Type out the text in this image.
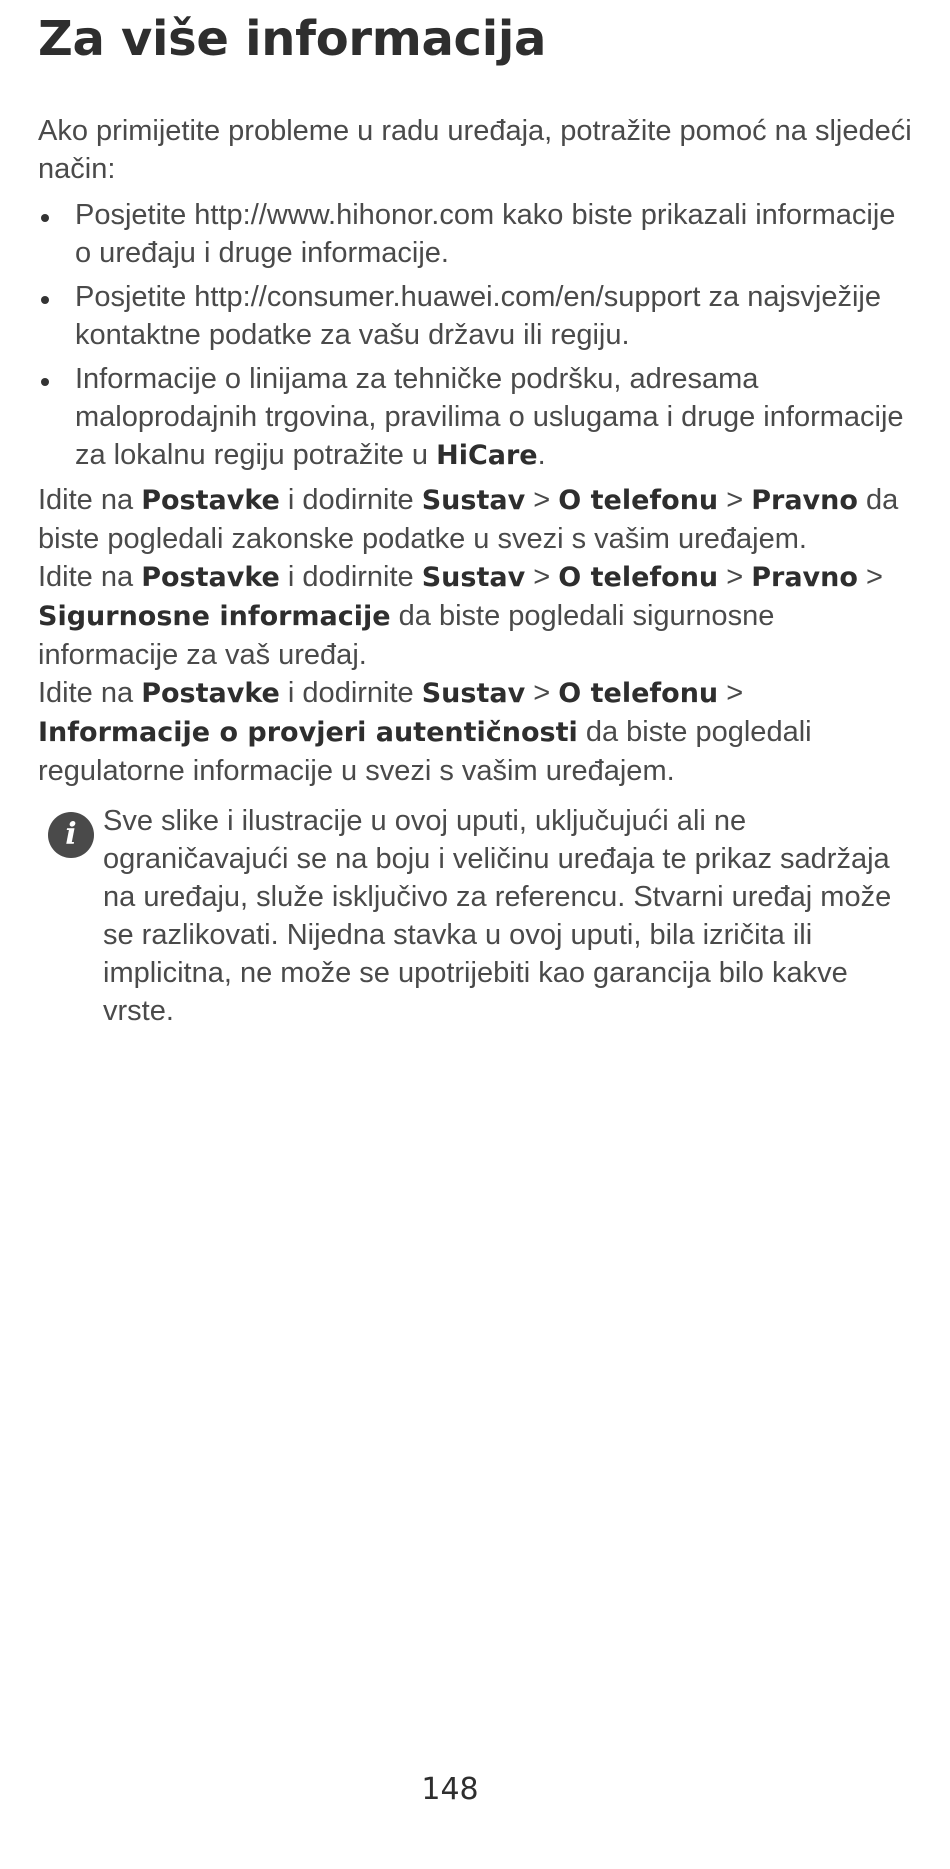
Za više informacija

Ako primijetite probleme u radu uređaja, potražite pomoć na sljedeći način:

Posjetite http://www.hihonor.com kako biste prikazali informacije o uređaju i druge informacije.
Posjetite http://consumer.huawei.com/en/support za najsvježije kontaktne podatke za vašu državu ili regiju.
Informacije o linijama za tehničke podršku, adresama maloprodajnih trgovina, pravilima o uslugama i druge informacije za lokalnu regiju potražite u HiCare.

Idite na Postavke i dodirnite Sustav > O telefonu > Pravno da biste pogledali zakonske podatke u svezi s vašim uređajem.

Idite na Postavke i dodirnite Sustav > O telefonu > Pravno > Sigurnosne informacije da biste pogledali sigurnosne informacije za vaš uređaj.

Idite na Postavke i dodirnite Sustav > O telefonu > Informacije o provjeri autentičnosti da biste pogledali regulatorne informacije u svezi s vašim uređajem.

i Sve slike i ilustracije u ovoj uputi, uključujući ali ne ograničavajući se na boju i veličinu uređaja te prikaz sadržaja na uređaju, služe isključivo za referencu. Stvarni uređaj može se razlikovati. Nijedna stavka u ovoj uputi, bila izričita ili implicitna, ne može se upotrijebiti kao garancija bilo kakve vrste.
148
